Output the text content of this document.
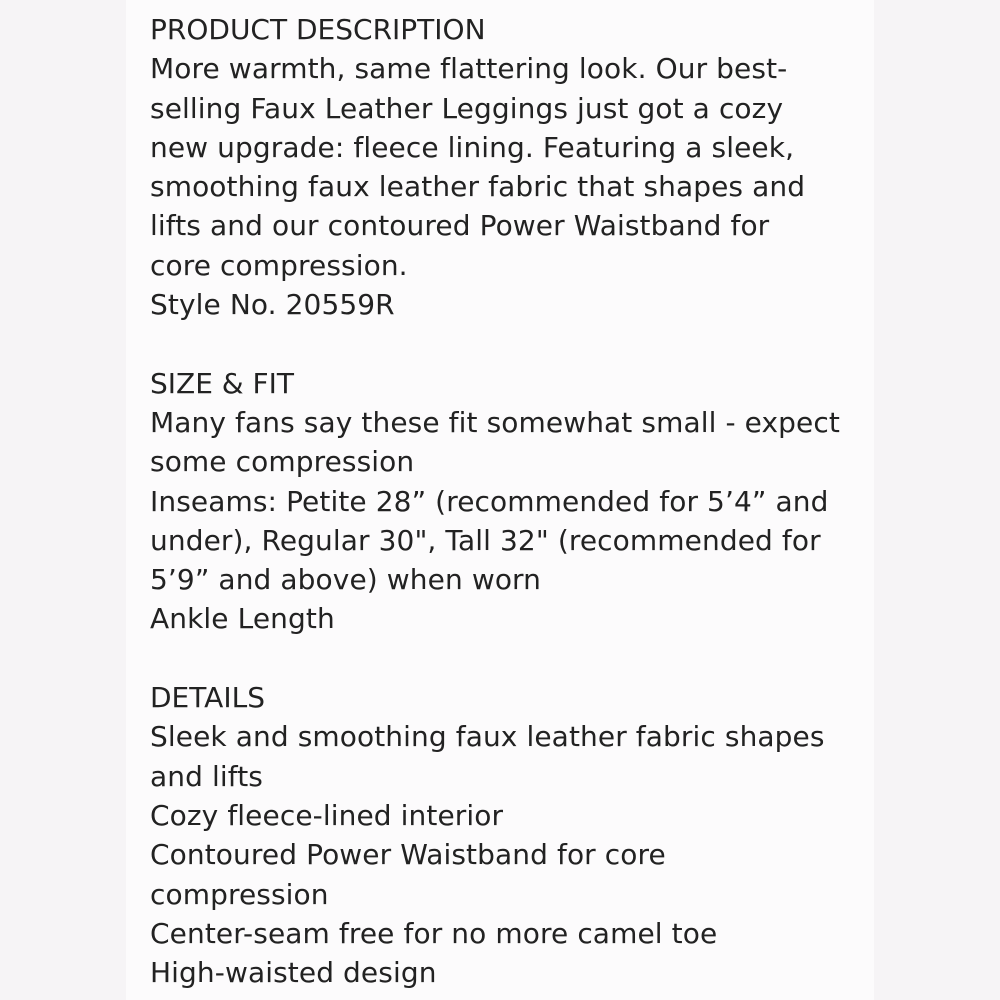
PRODUCT DESCRIPTION
More warmth, same flattering look. Our best-
selling Faux Leather Leggings just got a cozy
new upgrade: fleece lining. Featuring a sleek,
smoothing faux leather fabric that shapes and
lifts and our contoured Power Waistband for
core compression.
Style No. 20559R
SIZE & FIT
Many fans say these fit somewhat small - expect
some compression
Inseams: Petite 28” (recommended for 5’4” and
under), Regular 30", Tall 32" (recommended for
5’9” and above) when worn
Ankle Length
DETAILS
Sleek and smoothing faux leather fabric shapes
and lifts
Cozy fleece-lined interior
Contoured Power Waistband for core
compression
Center-seam free for no more camel toe
High-waisted design
